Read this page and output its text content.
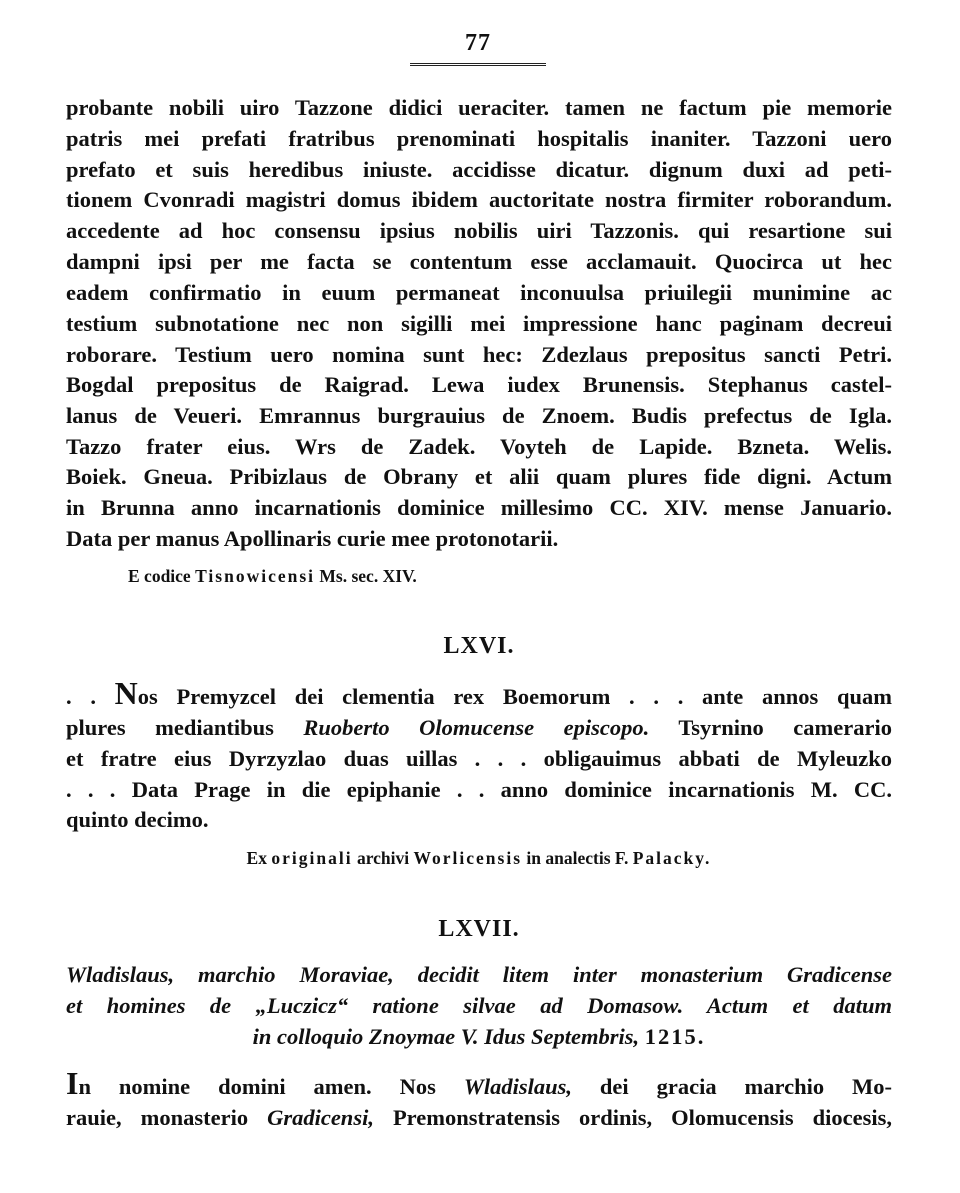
77
probante nobili uiro Tazzone didici ueraciter. tamen ne factum pie memorie
patris mei prefati fratribus prenominati hospitalis inaniter. Tazzoni uero
prefato et suis heredibus iniuste. accidisse dicatur. dignum duxi ad peti-
tionem Cvonradi magistri domus ibidem auctoritate nostra firmiter roborandum.
accedente ad hoc consensu ipsius nobilis uiri Tazzonis. qui resartione sui
dampni ipsi per me facta se contentum esse acclamauit. Quocirca ut hec
eadem confirmatio in euum permaneat inconuulsa priuilegii munimine ac
testium subnotatione nec non sigilli mei impressione hanc paginam decreui
roborare. Testium uero nomina sunt hec: Zdezlaus prepositus sancti Petri.
Bogdal prepositus de Raigrad. Lewa iudex Brunensis. Stephanus castel-
lanus de Veueri. Emrannus burgrauius de Znoem. Budis prefectus de Igla.
Tazzo frater eius. Wrs de Zadek. Voyteh de Lapide. Bzneta. Welis.
Boiek. Gneua. Pribizlaus de Obrany et alii quam plures fide digni. Actum
in Brunna anno incarnationis dominice millesimo CC. XIV. mense Januario.
Data per manus Apollinaris curie mee protonotarii.
E codice Tisnowicensi Ms. sec. XIV.
LXVI.
. . Nos Premyzcel dei clementia rex Boemorum . . . ante annos quam
plures mediantibus Ruoberto Olomucense episcopo. Tsyrnino camerario
et fratre eius Dyrzyzlao duas uillas . . . obligauimus abbati de Myleuzko
. . . Data Prage in die epiphanie . . anno dominice incarnationis M. CC.
quinto decimo.
Ex originali archivi Worlicensis in analectis F. Palacky.
LXVII.
Wladislaus, marchio Moraviae, decidit litem inter monasterium Gradicense
et homines de „Luczicz“ ratione silvae ad Domasow. Actum et datum
in colloquio Znoymae V. Idus Septembris, 1215.
In nomine domini amen. Nos Wladislaus, dei gracia marchio Mo-
rauie, monasterio Gradicensi, Premonstratensis ordinis, Olomucensis diocesis,
